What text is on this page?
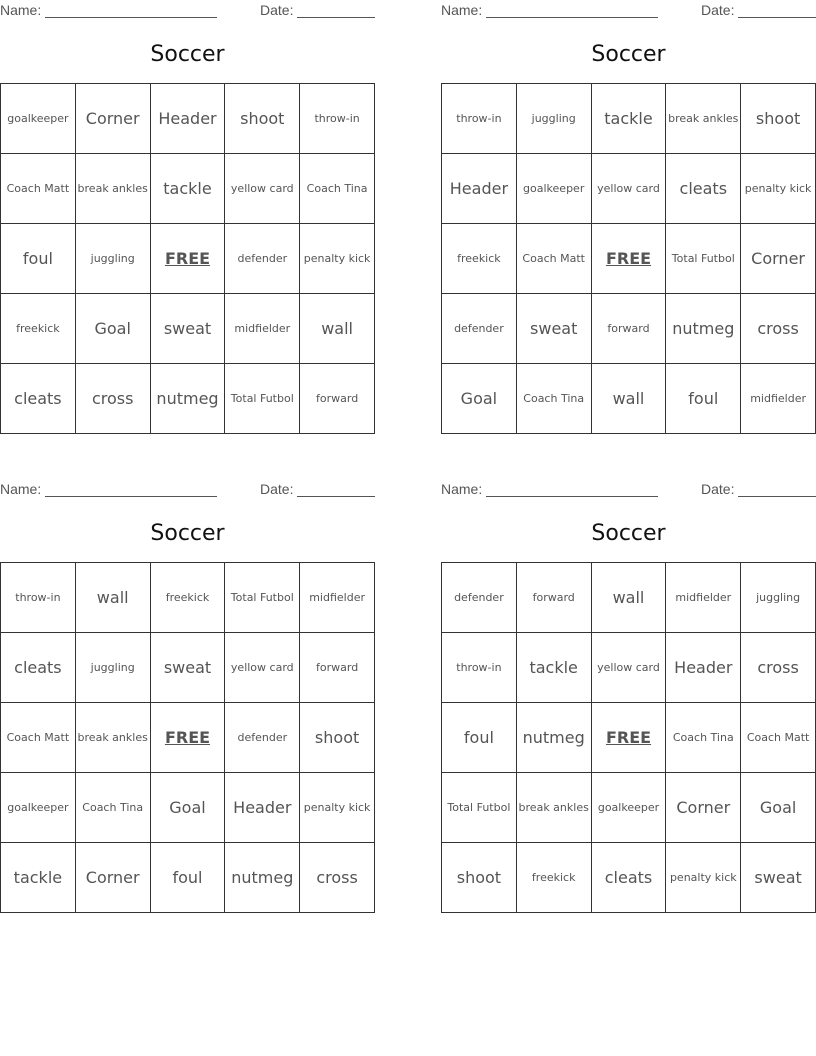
Name:	Date:
Soccer
goalkeeper	Corner	Header	shoot	throw-in
Coach Matt	break ankles	tackle	yellow card	Coach Tina
foul	juggling	FREE	defender	penalty kick
freekick	Goal	sweat	midfielder	wall
cleats	cross	nutmeg	Total Futbol	forward
Name:	Date:
Soccer
throw-in	juggling	tackle	break ankles	shoot
Header	goalkeeper	yellow card	cleats	penalty kick
freekick	Coach Matt	FREE	Total Futbol	Corner
defender	sweat	forward	nutmeg	cross
Goal	Coach Tina	wall	foul	midfielder
Name:	Date:
Soccer
throw-in	wall	freekick	Total Futbol	midfielder
cleats	juggling	sweat	yellow card	forward
Coach Matt	break ankles	FREE	defender	shoot
goalkeeper	Coach Tina	Goal	Header	penalty kick
tackle	Corner	foul	nutmeg	cross
Name:	Date:
Soccer
defender	forward	wall	midfielder	juggling
throw-in	tackle	yellow card	Header	cross
foul	nutmeg	FREE	Coach Tina	Coach Matt
Total Futbol	break ankles	goalkeeper	Corner	Goal
shoot	freekick	cleats	penalty kick	sweat
